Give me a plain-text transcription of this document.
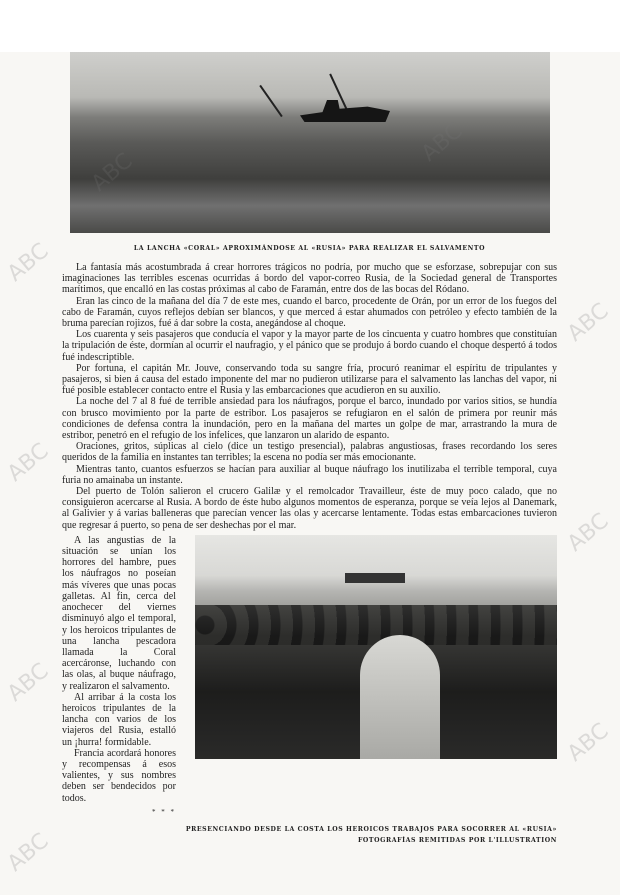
LA LANCHA «CORAL» APROXIMÁNDOSE AL «RUSIA» PARA REALIZAR EL SALVAMENTO

La fantasía más acostumbrada á crear horrores trágicos no podría, por mucho que se esforzase, sobrepujar con sus imaginaciones las terribles escenas ocurridas á bordo del vapor-correo Rusia, de la Sociedad general de Transportes marítimos, que encalló en las costas próximas al cabo de Faramán, entre dos de las bocas del Ródano.

Eran las cinco de la mañana del día 7 de este mes, cuando el barco, procedente de Orán, por un error de los fuegos del cabo de Faramán, cuyos reflejos debían ser blancos, y que merced á estar ahumados con petróleo y efecto también de la bruma parecían rojizos, fué á dar sobre la costa, anegándose al choque.

Los cuarenta y seis pasajeros que conducía el vapor y la mayor parte de los cincuenta y cuatro hombres que constituían la tripulación de éste, dormían al ocurrir el naufragio, y el pánico que se produjo á bordo cuando el choque despertó á todos fué indescriptible.

Por fortuna, el capitán Mr. Jouve, conservando toda su sangre fría, procuró reanimar el espíritu de tripulantes y pasajeros, si bien á causa del estado imponente del mar no pudieron utilizarse para el salvamento las lanchas del vapor, ni fué posible establecer contacto entre el Rusia y las embarcaciones que acudieron en su auxilio.

La noche del 7 al 8 fué de terrible ansiedad para los náufragos, porque el barco, inundado por varios sitios, se hundía con brusco movimiento por la parte de estribor. Los pasajeros se refugiaron en el salón de primera por reunir más condiciones de defensa contra la inundación, pero en la mañana del martes un golpe de mar, arrastrando la mura de estribor, penetró en el refugio de los infelices, que lanzaron un alarido de espanto.

Oraciones, gritos, súplicas al cielo (dice un testigo presencial), palabras angustiosas, frases recordando los seres queridos de la familia en instantes tan terribles; la escena no podía ser más emocionante.

Mientras tanto, cuantos esfuerzos se hacían para auxiliar al buque náufrago los inutilizaba el terrible temporal, cuya furia no amainaba un instante.

Del puerto de Tolón salieron el crucero Galilæ y el remolcador Travailleur, éste de muy poco calado, que no consiguieron acercarse al Rusia. A bordo de éste hubo algunos momentos de esperanza, porque se veía lejos al Danemark, al Galivier y á varias balleneras que parecían vencer las olas y acercarse lentamente. Todas estas embarcaciones tuvieron que regresar á puerto, so pena de ser deshechas por el mar.

A las angustias de la situación se unían los horrores del hambre, pues los náufragos no poseían más víveres que unas pocas galletas. Al fin, cerca del anochecer del viernes disminuyó algo el temporal, y los heroicos tripulantes de una lancha pescadora llamada la Coral acercáronse, luchando con las olas, al buque náufrago, y realizaron el salvamento.

Al arribar á la costa los heroicos tripulantes de la lancha con varios de los viajeros del Rusia, estalló un ¡hurra! formidable.

Francia acordará honores y recompensas á esos valientes, y sus nombres deben ser bendecidos por todos.

* * *
PRESENCIANDO DESDE LA COSTA LOS HEROICOS TRABAJOS PARA SOCORRER AL «RUSIA»
FOTOGRAFÍAS REMITIDAS POR L'ILLUSTRATION
ABC
ABC
ABC
ABC
ABC
ABC
ABC
ABC
ABC
